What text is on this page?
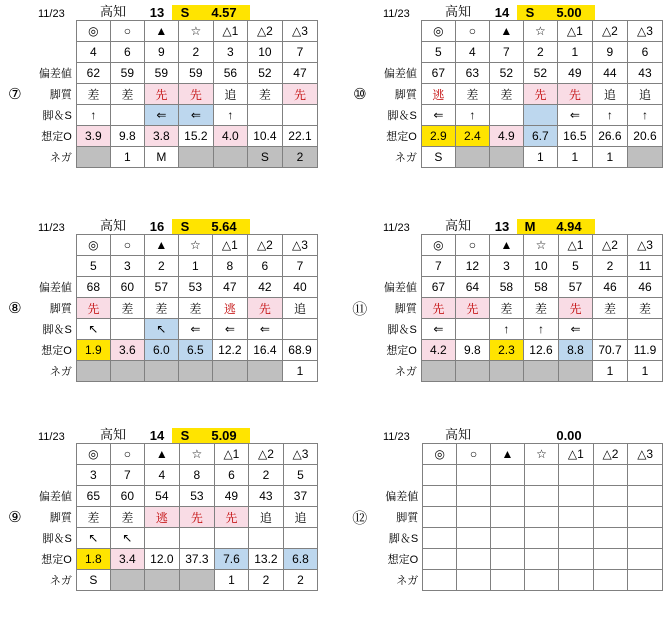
11/23	高知	13	S	4.57
⑦
	◎	○	▲	☆	△1	△2	△3
	4	6	9	2	3	10	7
偏差値	62	59	59	59	56	52	47
脚質	差	差	先	先	追	差	先
脚＆S	↑		⇐	⇐	↑		
想定O	3.9	9.8	3.8	15.2	4.0	10.4	22.1
ネガ		1	M			S	2
11/23	高知	14	S	5.00
⑩
	◎	○	▲	☆	△1	△2	△3
	5	4	7	2	1	9	6
偏差値	67	63	52	52	49	44	43
脚質	逃	差	差	先	先	追	追
脚＆S	⇐	↑			⇐	↑	↑
想定O	2.9	2.4	4.9	6.7	16.5	26.6	20.6
ネガ	S			1	1	1	
11/23	高知	16	S	5.64
⑧
	◎	○	▲	☆	△1	△2	△3
	5	3	2	1	8	6	7
偏差値	68	60	57	53	47	42	40
脚質	先	差	差	差	逃	先	追
脚＆S	↖		↖	⇐	⇐	⇐	
想定O	1.9	3.6	6.0	6.5	12.2	16.4	68.9
ネガ							1
11/23	高知	13	M	4.94
⑪
	◎	○	▲	☆	△1	△2	△3
	7	12	3	10	5	2	11
偏差値	67	64	58	58	57	46	46
脚質	先	先	差	差	先	差	差
脚＆S	⇐		↑	↑	⇐		
想定O	4.2	9.8	2.3	12.6	8.8	70.7	11.9
ネガ						1	1
11/23	高知	14	S	5.09
⑨
	◎	○	▲	☆	△1	△2	△3
	3	7	4	8	6	2	5
偏差値	65	60	54	53	49	43	37
脚質	差	差	逃	先	先	追	追
脚＆S	↖	↖					
想定O	1.8	3.4	12.0	37.3	7.6	13.2	6.8
ネガ	S				1	2	2
11/23	高知	0.00
⑫
	◎	○	▲	☆	△1	△2	△3

偏差値							
脚質							
脚＆S							
想定O							
ネガ							
